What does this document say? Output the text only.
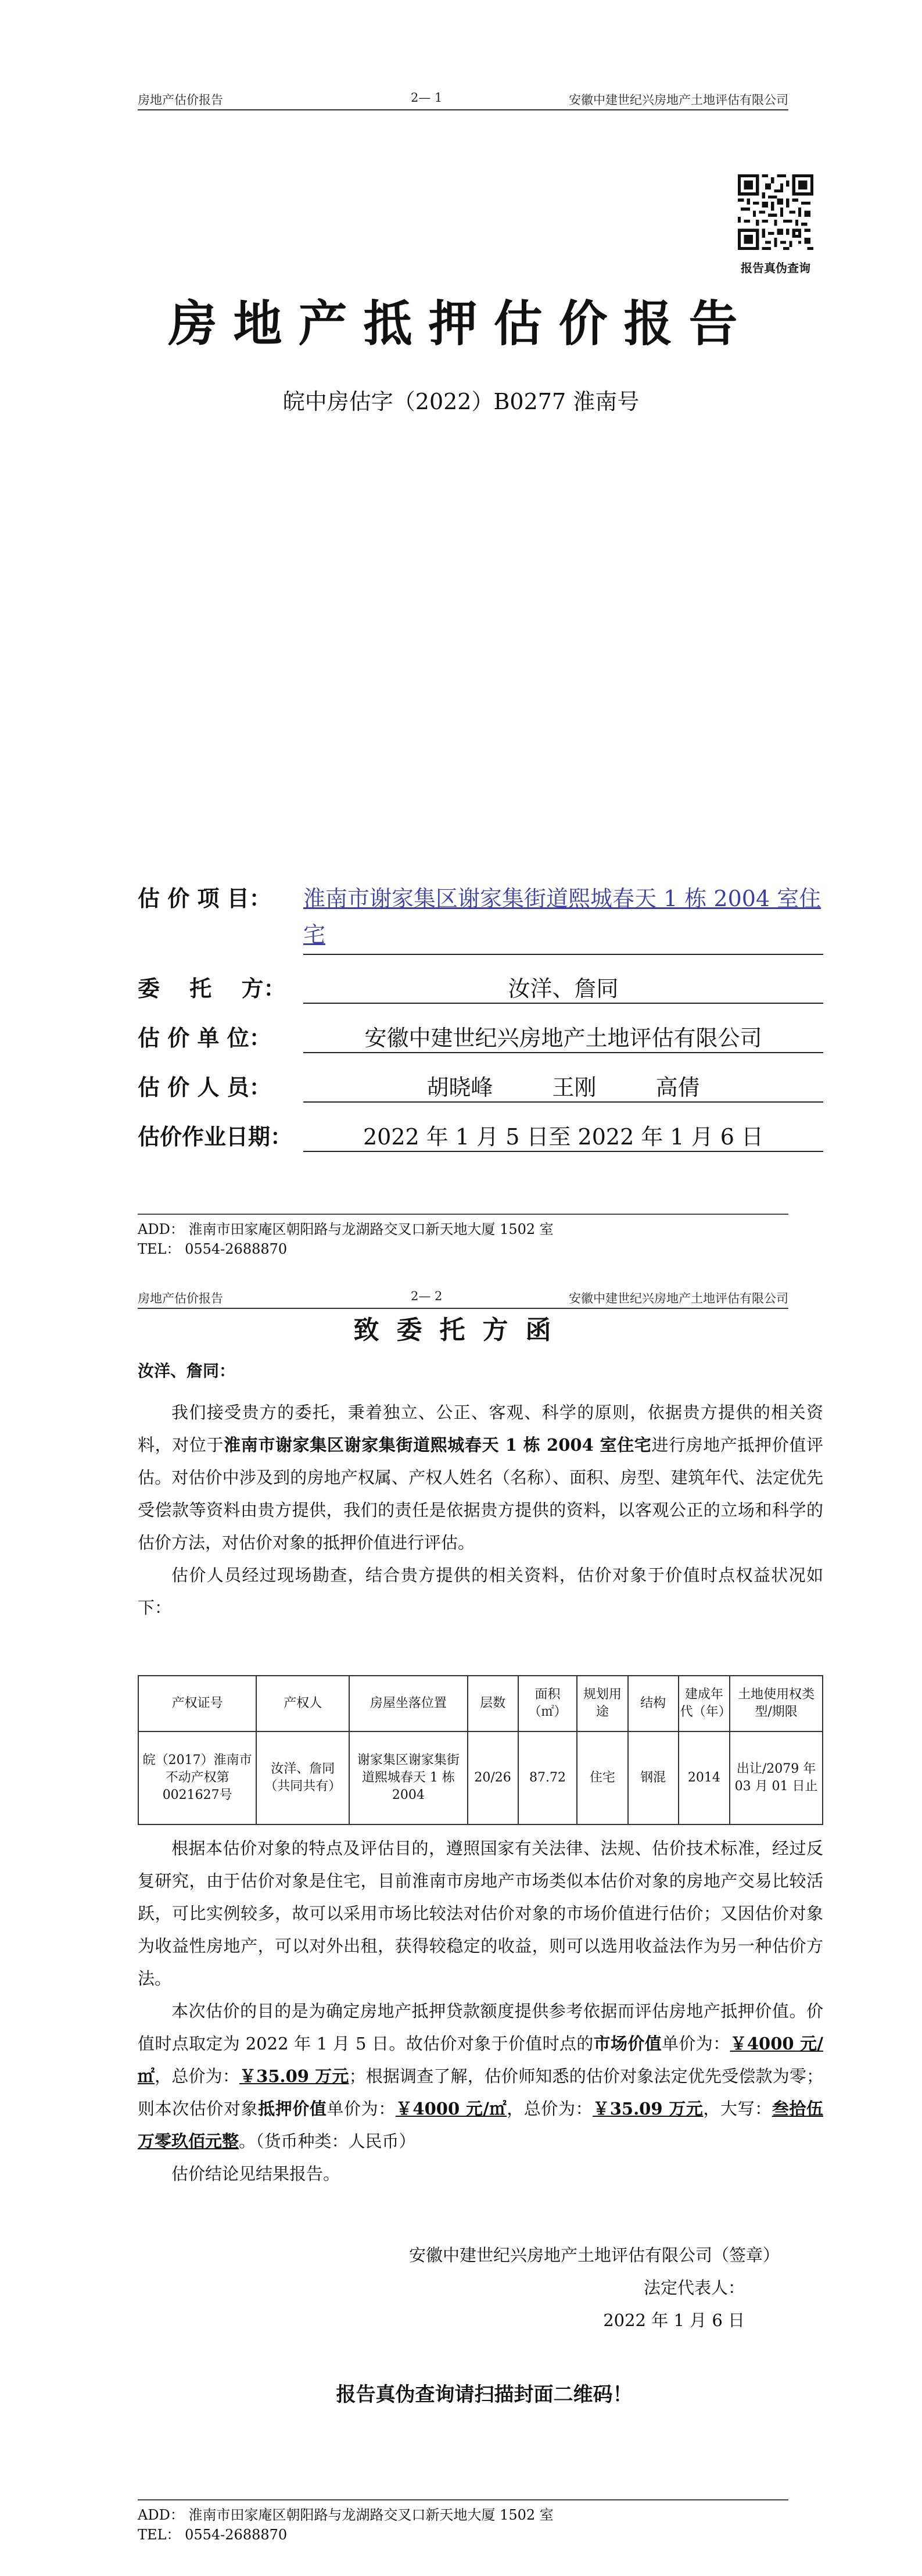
房地产估价报告	2— 1	安徽中建世纪兴房地产土地评估有限公司
报告真伪查询
房地产抵押估价报告
皖中房估字（2022）B0277 淮南号
估 价 项 目： 淮南市谢家集区谢家集街道熙城春天 1 栋 2004 室住宅
委　 托　 方：	汝洋、詹同
估 价 单 位：	安徽中建世纪兴房地产土地评估有限公司
估 价 人 员：	胡晓峰	王刚	高倩
估价作业日期：	2022 年 1 月 5 日至 2022 年 1 月 6 日
ADD： 淮南市田家庵区朝阳路与龙湖路交叉口新天地大厦 1502 室
TEL： 0554-2688870
房地产估价报告	2— 2	安徽中建世纪兴房地产土地评估有限公司
致委托方函
汝洋、詹同：

我们接受贵方的委托，秉着独立、公正、客观、科学的原则，依据贵方提供的相关资料，对位于淮南市谢家集区谢家集街道熙城春天 1 栋 2004 室住宅进行房地产抵押价值评估。对估价中涉及到的房地产权属、产权人姓名（名称）、面积、房型、建筑年代、法定优先受偿款等资料由贵方提供，我们的责任是依据贵方提供的资料，以客观公正的立场和科学的估价方法，对估价对象的抵押价值进行评估。

估价人员经过现场勘查，结合贵方提供的相关资料，估价对象于价值时点权益状况如下：

产权证号	产权人	房屋坐落位置	层数	面积（㎡）	规划用途	结构	建成年代（年）	土地使用权类型/期限
皖（2017）淮南市不动产权第0021627号	汝洋、詹同（共同共有）	谢家集区谢家集街道熙城春天 1 栋 2004	20/26	87.72	住宅	钢混	2014	出让/2079 年03 月 01 日止

根据本估价对象的特点及评估目的，遵照国家有关法律、法规、估价技术标准，经过反复研究，由于估价对象是住宅，目前淮南市房地产市场类似本估价对象的房地产交易比较活跃，可比实例较多，故可以采用市场比较法对估价对象的市场价值进行估价；又因估价对象为收益性房地产，可以对外出租，获得较稳定的收益，则可以选用收益法作为另一种估价方法。

本次估价的目的是为确定房地产抵押贷款额度提供参考依据而评估房地产抵押价值。价值时点取定为 2022 年 1 月 5 日。故估价对象于价值时点的市场价值单价为：￥4000 元/㎡，总价为：￥35.09 万元；根据调查了解，估价师知悉的估价对象法定优先受偿款为零；则本次估价对象抵押价值单价为：￥4000 元/㎡，总价为：￥35.09 万元，大写：叁拾伍万零玖佰元整。（货币种类：人民币）

估价结论见结果报告。

安徽中建世纪兴房地产土地评估有限公司（签章）
法定代表人：
2022 年 1 月 6 日
报告真伪查询请扫描封面二维码！
ADD： 淮南市田家庵区朝阳路与龙湖路交叉口新天地大厦 1502 室
TEL： 0554-2688870
